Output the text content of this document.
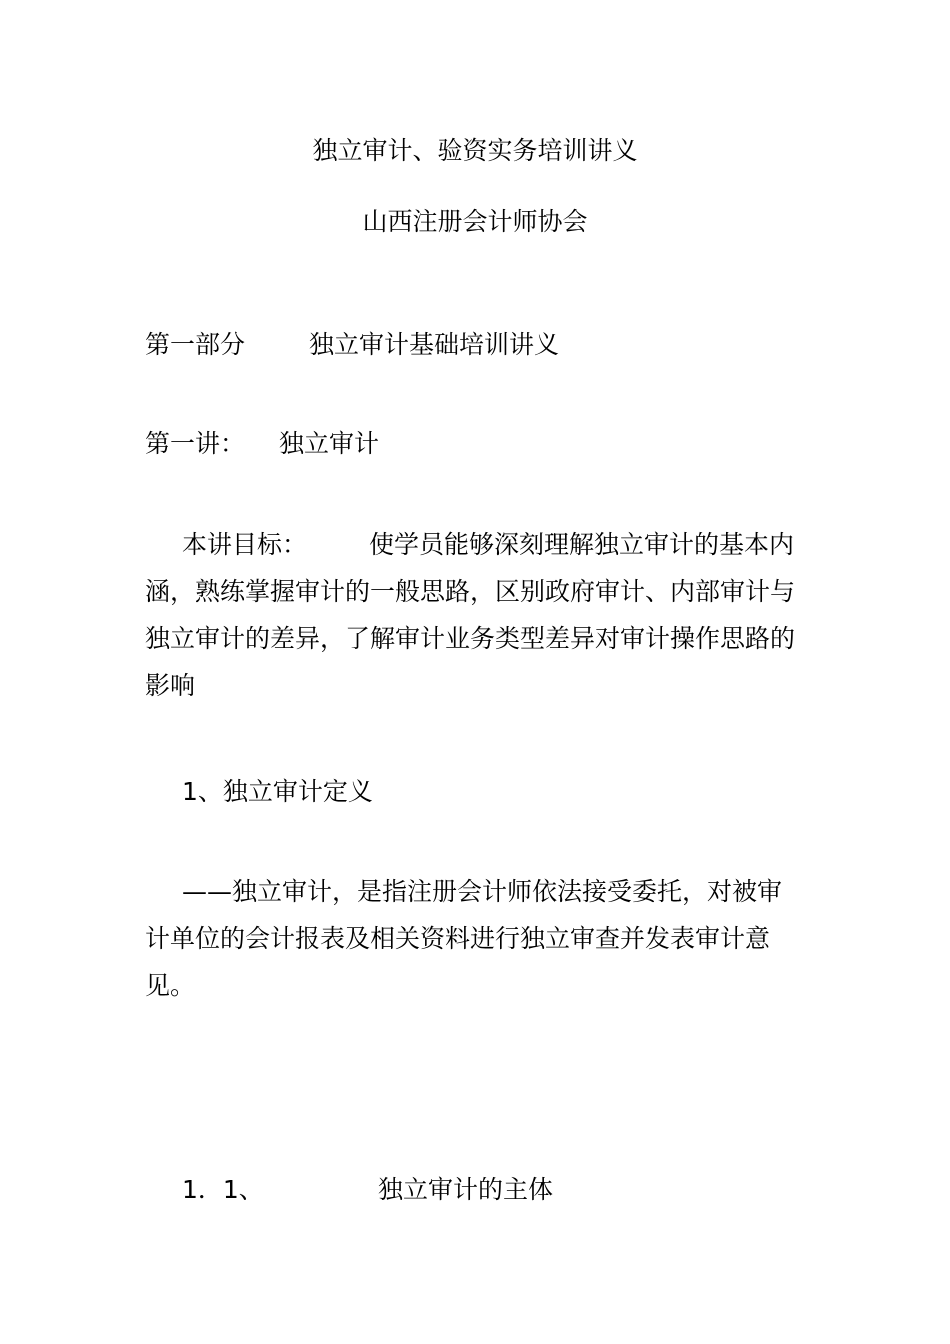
独立审计、验资实务培训讲义
山西注册会计师协会
第一部分	独立审计基础培训讲义
第一讲： 独立审计
本讲目标： 使学员能够深刻理解独立审计的基本内涵，熟练掌握审计的一般思路，区别政府审计、内部审计与独立审计的差异，了解审计业务类型差异对审计操作思路的影响
1、独立审计定义
——独立审计，是指注册会计师依法接受委托，对被审计单位的会计报表及相关资料进行独立审查并发表审计意见。
1．1、	独立审计的主体
